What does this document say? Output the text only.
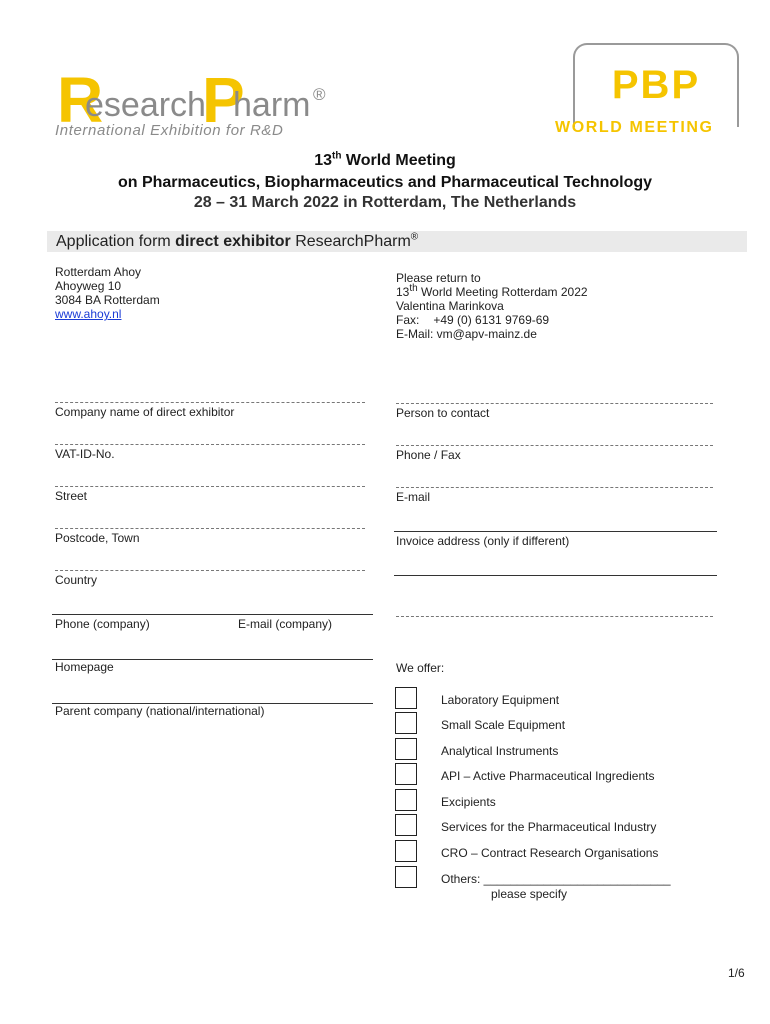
R
esearch
P
harm ®
International Exhibition for R&D
PBP
WORLD MEETING
13th World Meeting
on Pharmaceutics, Biopharmaceutics and Pharmaceutical Technology
28 – 31 March 2022 in Rotterdam, The Netherlands
Application form direct exhibitor ResearchPharm®
Rotterdam Ahoy
Ahoyweg 10
3084 BA Rotterdam
www.ahoy.nl
Please return to
13th World Meeting Rotterdam 2022
Valentina Marinkova
Fax: +49 (0) 6131 9769-69
E-Mail: vm@apv-mainz.de
Company name of direct exhibitor
VAT-ID-No.
Street
Postcode, Town
Country
Phone (company)	E-mail (company)
Homepage
Parent company (national/international)
Person to contact
Phone / Fax
E-mail
Invoice address (only if different)
We offer:
Laboratory Equipment
Small Scale Equipment
Analytical Instruments
API – Active Pharmaceutical Ingredients
Excipients
Services for the Pharmaceutical Industry
CRO – Contract Research Organisations
Others: ____________________________
please specify
1/6
